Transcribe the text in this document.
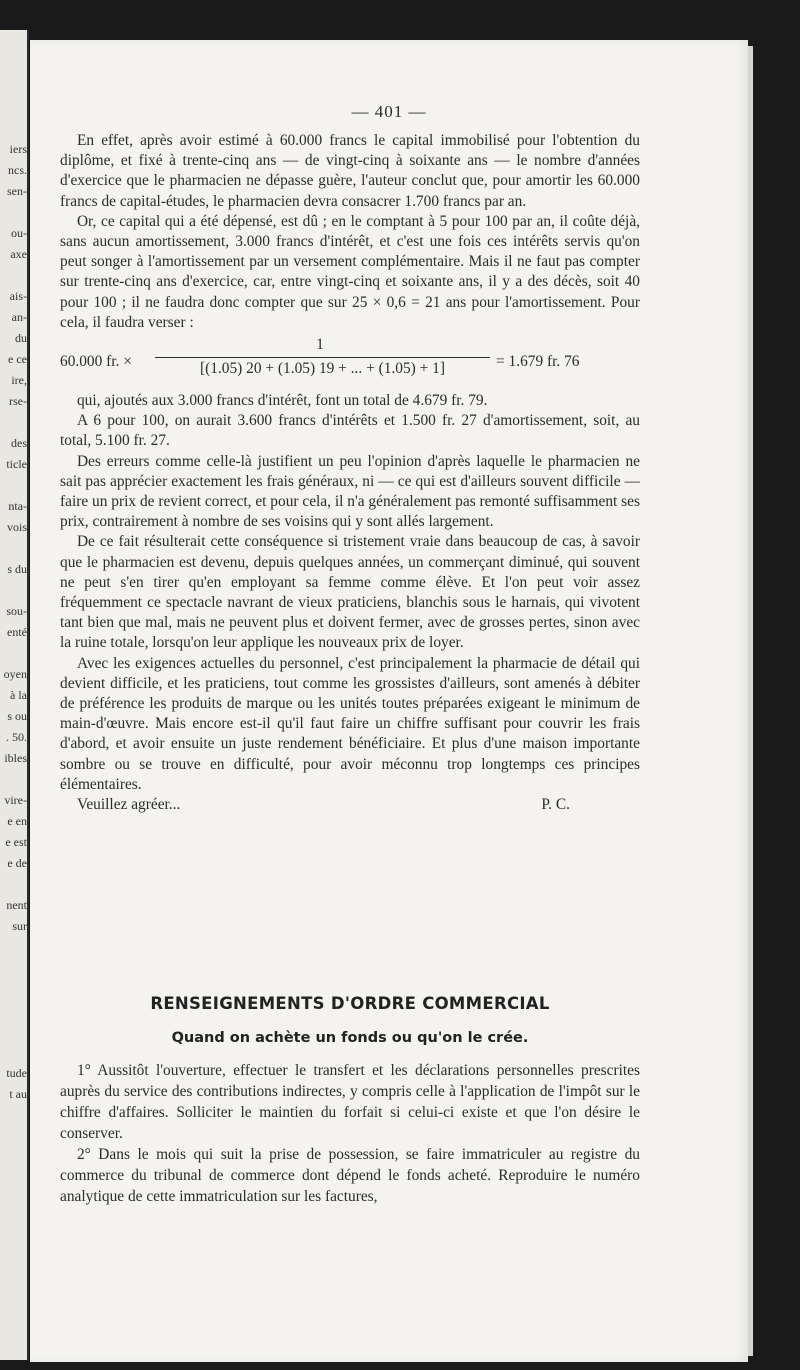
iers
ncs.
sen-
ou-
axe
ais-
an-
du
e ce
ire,
rse-
des
ticle
nta-
vois
s du
sou-
enté
oyen
à la
s ou
. 50.
ibles
vire-
e en
e est
e de
nent
sur
tude
t au
— 401 —

En effet, après avoir estimé à 60.000 francs le capital immobilisé pour l'obtention du diplôme, et fixé à trente-cinq ans — de vingt-cinq à soixante ans — le nombre d'années d'exercice que le pharmacien ne dépasse guère, l'auteur conclut que, pour amortir les 60.000 francs de capital-études, le pharmacien devra consacrer 1.700 francs par an.

Or, ce capital qui a été dépensé, est dû ; en le comptant à 5 pour 100 par an, il coûte déjà, sans aucun amortissement, 3.000 francs d'intérêt, et c'est une fois ces intérêts servis qu'on peut songer à l'amortissement par un versement complémentaire. Mais il ne faut pas compter sur trente-cinq ans d'exercice, car, entre vingt-cinq et soixante ans, il y a des décès, soit 40 pour 100 ; il ne faudra donc compter que sur 25 × 0,6 = 21 ans pour l'amortissement. Pour cela, il faudra verser :

60.000 fr. ×
1
[(1.05) 20 + (1.05) 19 + ... + (1.05) + 1]	= 1.679 fr. 76

qui, ajoutés aux 3.000 francs d'intérêt, font un total de 4.679 fr. 79.

A 6 pour 100, on aurait 3.600 francs d'intérêts et 1.500 fr. 27 d'amortissement, soit, au total, 5.100 fr. 27.

Des erreurs comme celle-là justifient un peu l'opinion d'après laquelle le pharmacien ne sait pas apprécier exactement les frais généraux, ni — ce qui est d'ailleurs souvent difficile — faire un prix de revient correct, et pour cela, il n'a généralement pas remonté suffisamment ses prix, contrairement à nombre de ses voisins qui y sont allés largement.

De ce fait résulterait cette conséquence si tristement vraie dans beaucoup de cas, à savoir que le pharmacien est devenu, depuis quelques années, un commerçant diminué, qui souvent ne peut s'en tirer qu'en employant sa femme comme élève. Et l'on peut voir assez fréquemment ce spectacle navrant de vieux praticiens, blanchis sous le harnais, qui vivotent tant bien que mal, mais ne peuvent plus et doivent fermer, avec de grosses pertes, sinon avec la ruine totale, lorsqu'on leur applique les nouveaux prix de loyer.

Avec les exigences actuelles du personnel, c'est principalement la pharmacie de détail qui devient difficile, et les praticiens, tout comme les grossistes d'ailleurs, sont amenés à débiter de préférence les produits de marque ou les unités toutes préparées exigeant le minimum de main-d'œuvre. Mais encore est-il qu'il faut faire un chiffre suffisant pour couvrir les frais d'abord, et avoir ensuite un juste rendement bénéficiaire. Et plus d'une maison importante sombre ou se trouve en difficulté, pour avoir méconnu trop longtemps ces principes élémentaires.

Veuillez agréer...	P. C.

RENSEIGNEMENTS D'ORDRE COMMERCIAL
Quand on achète un fonds ou qu'on le crée.

1° Aussitôt l'ouverture, effectuer le transfert et les déclarations personnelles prescrites auprès du service des contributions indirectes, y compris celle à l'application de l'impôt sur le chiffre d'affaires. Solliciter le maintien du forfait si celui-ci existe et que l'on désire le conserver.

2° Dans le mois qui suit la prise de possession, se faire immatriculer au registre du commerce du tribunal de commerce dont dépend le fonds acheté. Reproduire le numéro analytique de cette immatriculation sur les factures,
